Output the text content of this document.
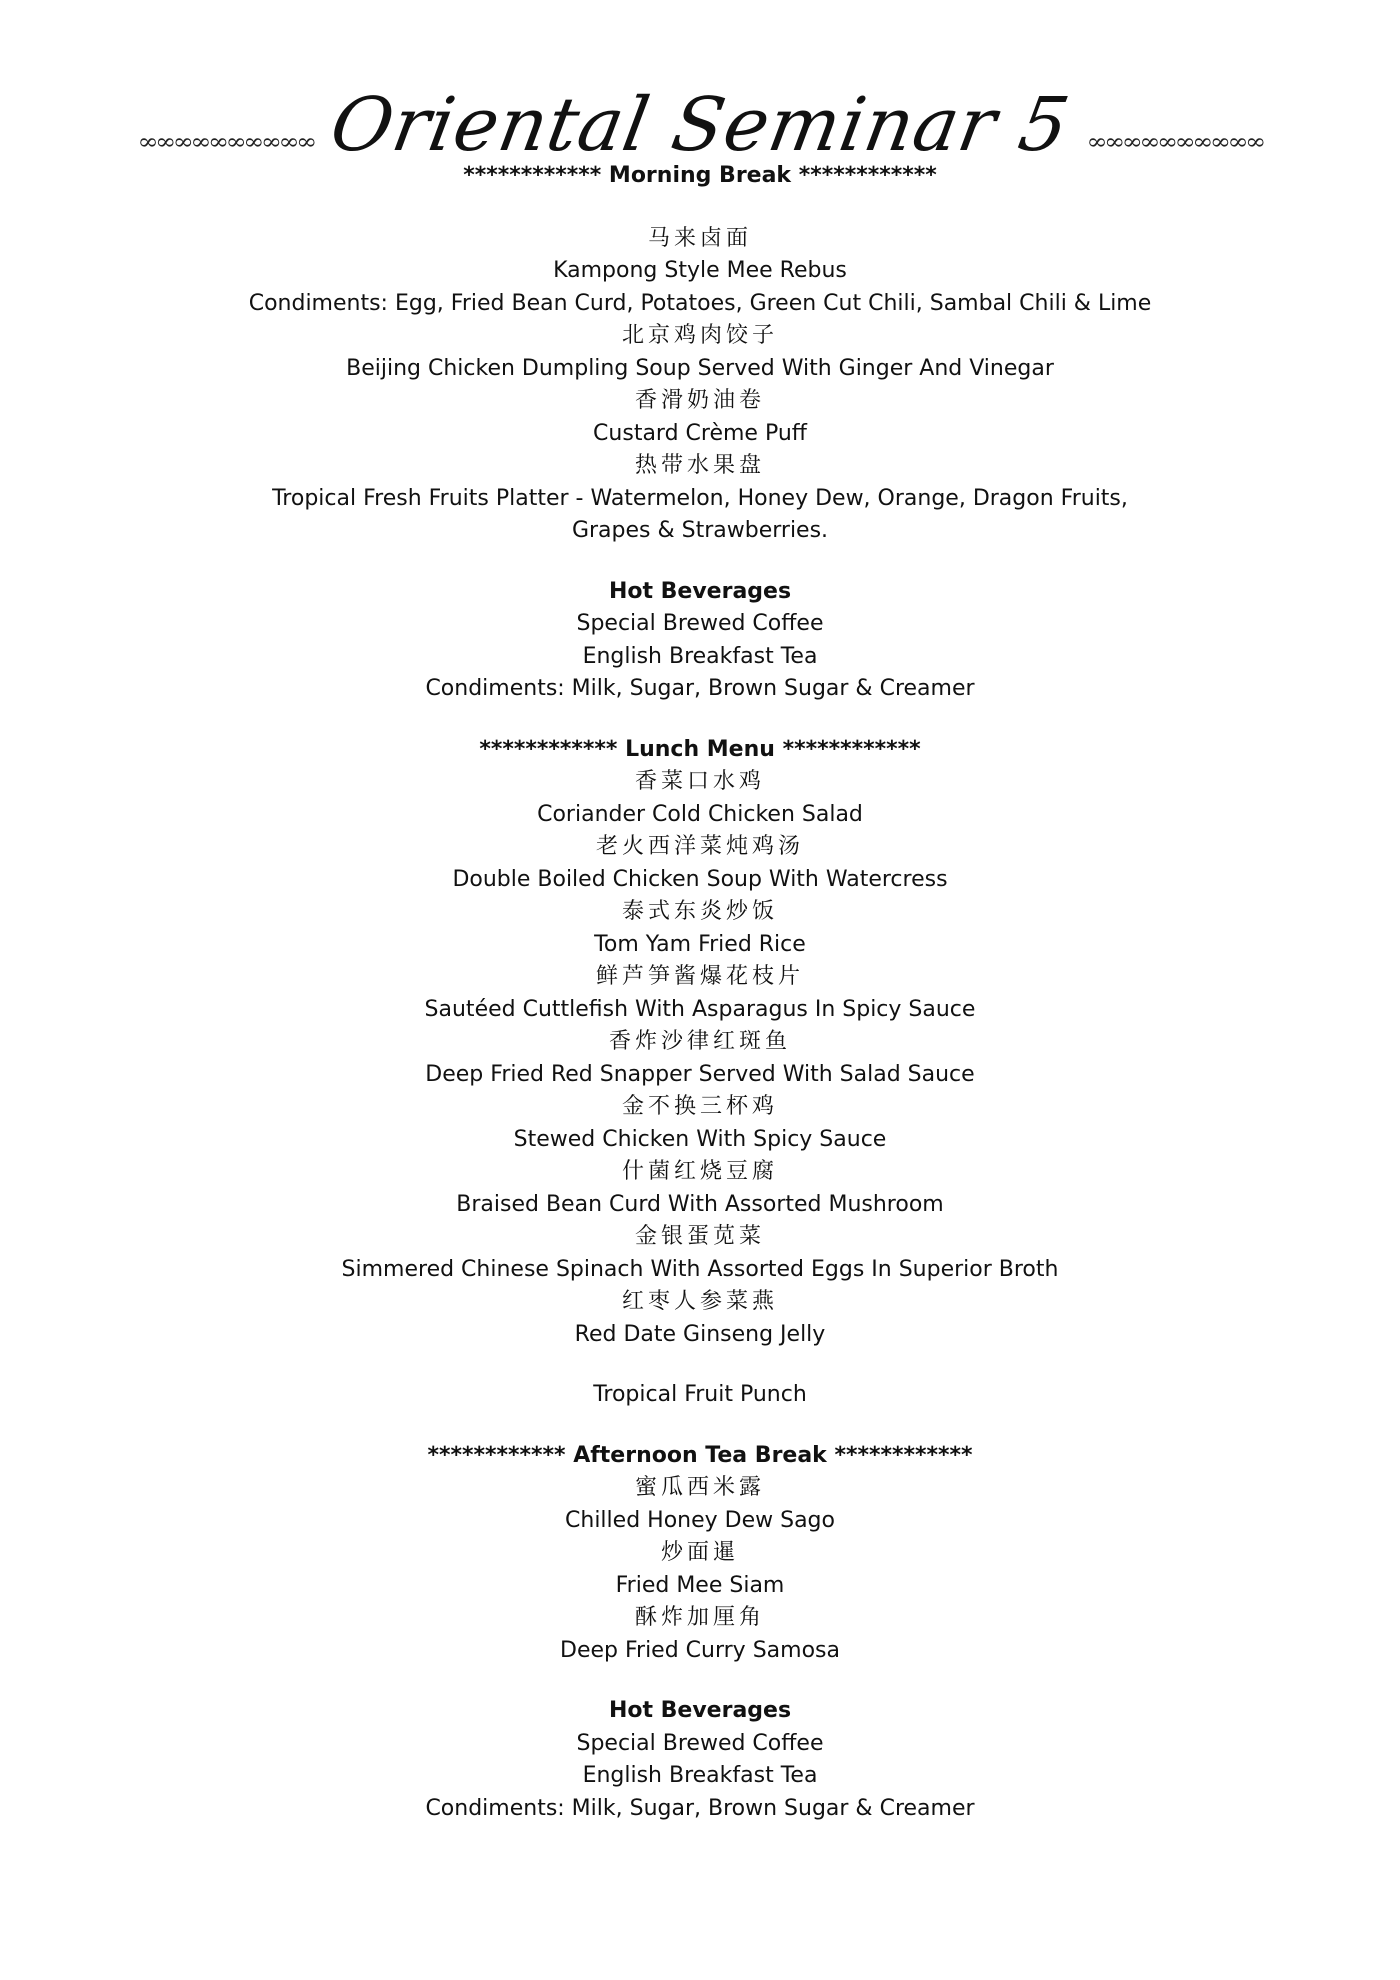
∞∞∞∞∞∞∞∞∞∞ Oriental Seminar 5 ∞∞∞∞∞∞∞∞∞∞
************ Morning Break ************
马来卤面
Kampong Style Mee Rebus
Condiments: Egg, Fried Bean Curd, Potatoes, Green Cut Chili, Sambal Chili & Lime
北京鸡肉饺子
Beijing Chicken Dumpling Soup Served With Ginger And Vinegar
香滑奶油卷
Custard Crème Puff
热带水果盘
Tropical Fresh Fruits Platter - Watermelon, Honey Dew, Orange, Dragon Fruits, Grapes & Strawberries.
Hot Beverages
Special Brewed Coffee
English Breakfast Tea
Condiments: Milk, Sugar, Brown Sugar & Creamer
************ Lunch Menu ************
香菜口水鸡
Coriander Cold Chicken Salad
老火西洋菜炖鸡汤
Double Boiled Chicken Soup With Watercress
泰式东炎炒饭
Tom Yam Fried Rice
鲜芦笋酱爆花枝片
Sautéed Cuttlefish With Asparagus In Spicy Sauce
香炸沙律红斑鱼
Deep Fried Red Snapper Served With Salad Sauce
金不换三杯鸡
Stewed Chicken With Spicy Sauce
什菌红烧豆腐
Braised Bean Curd With Assorted Mushroom
金银蛋苋菜
Simmered Chinese Spinach With Assorted Eggs In Superior Broth
红枣人参菜燕
Red Date Ginseng Jelly
Tropical Fruit Punch
************ Afternoon Tea Break ************
蜜瓜西米露
Chilled Honey Dew Sago
炒面暹
Fried Mee Siam
酥炸加厘角
Deep Fried Curry Samosa
Hot Beverages
Special Brewed Coffee
English Breakfast Tea
Condiments: Milk, Sugar, Brown Sugar & Creamer
